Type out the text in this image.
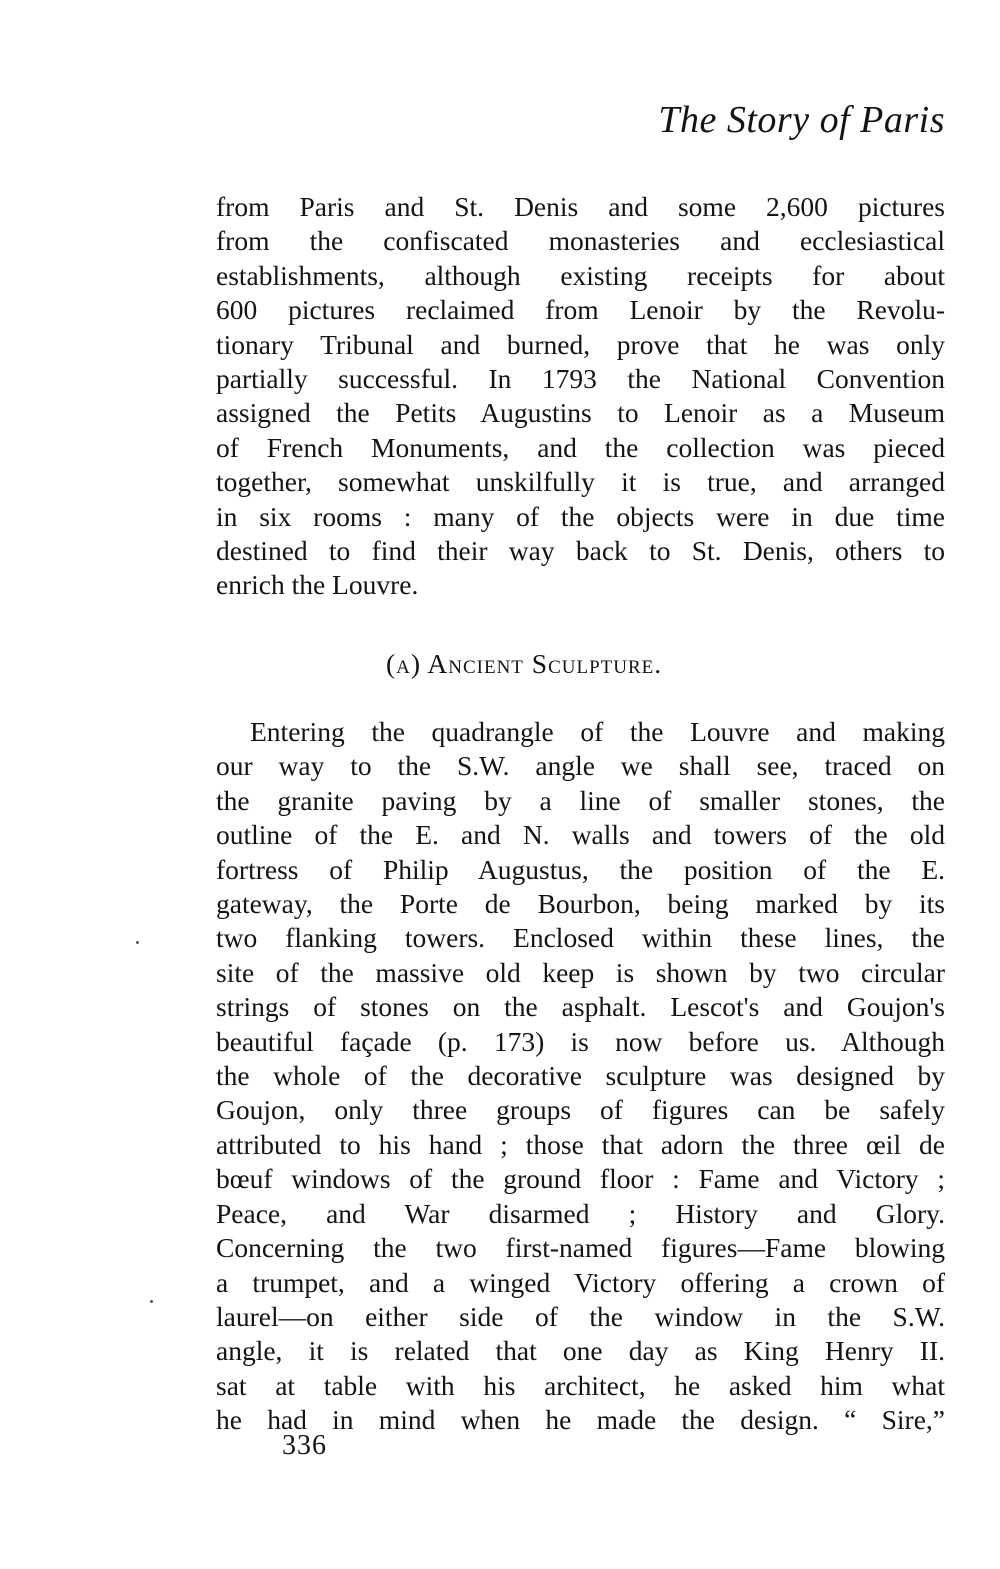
The Story of Paris
from Paris and St. Denis and some 2,600 pictures
from the confiscated monasteries and ecclesiastical
establishments, although existing receipts for about
600 pictures reclaimed from Lenoir by the Revolu-
tionary Tribunal and burned, prove that he was only
partially successful. In 1793 the National Convention
assigned the Petits Augustins to Lenoir as a Museum
of French Monuments, and the collection was pieced
together, somewhat unskilfully it is true, and arranged
in six rooms : many of the objects were in due time
destined to find their way back to St. Denis, others to
enrich the Louvre.
(a) Ancient Sculpture.
Entering the quadrangle of the Louvre and making
our way to the S.W. angle we shall see, traced on
the granite paving by a line of smaller stones, the
outline of the E. and N. walls and towers of the old
fortress of Philip Augustus, the position of the E.
gateway, the Porte de Bourbon, being marked by its
two flanking towers. Enclosed within these lines, the
site of the massive old keep is shown by two circular
strings of stones on the asphalt. Lescot's and Goujon's
beautiful façade (p. 173) is now before us. Although
the whole of the decorative sculpture was designed by
Goujon, only three groups of figures can be safely
attributed to his hand ; those that adorn the three œil de
bœuf windows of the ground floor : Fame and Victory ;
Peace, and War disarmed ; History and Glory.
Concerning the two first-named figures—Fame blowing
a trumpet, and a winged Victory offering a crown of
laurel—on either side of the window in the S.W.
angle, it is related that one day as King Henry II.
sat at table with his architect, he asked him what
he had in mind when he made the design. “ Sire,”
336
